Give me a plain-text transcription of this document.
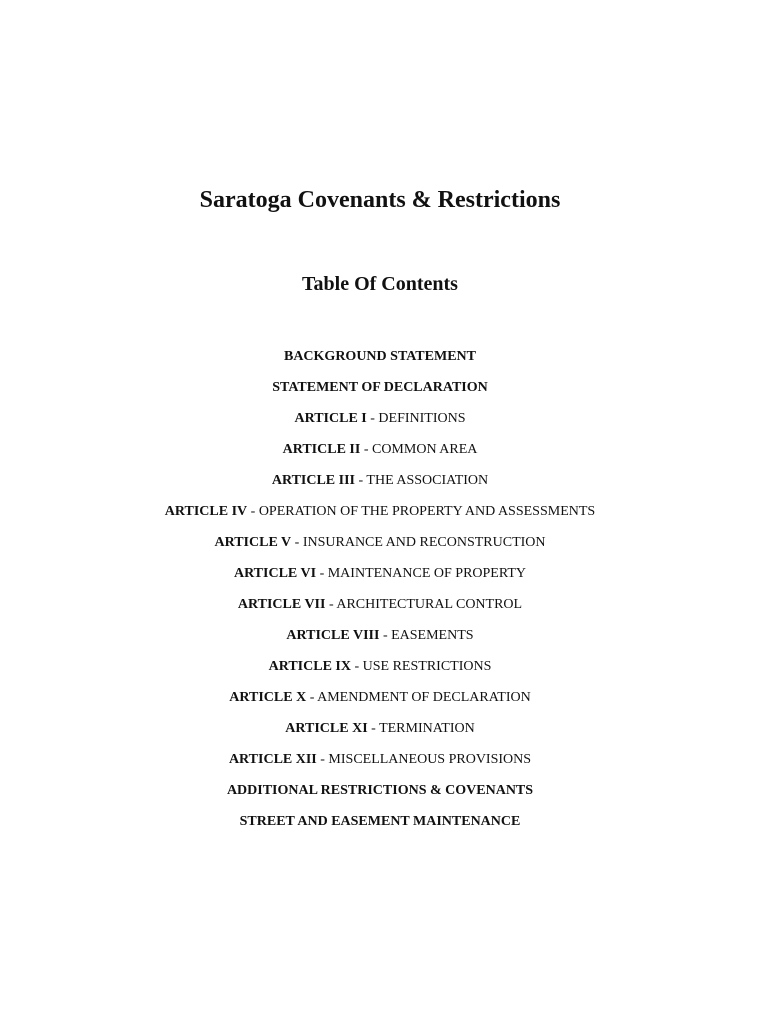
Saratoga Covenants & Restrictions
Table Of Contents
BACKGROUND STATEMENT
STATEMENT OF DECLARATION
ARTICLE I - DEFINITIONS
ARTICLE II - COMMON AREA
ARTICLE III - THE ASSOCIATION
ARTICLE IV - OPERATION OF THE PROPERTY AND ASSESSMENTS
ARTICLE V - INSURANCE AND RECONSTRUCTION
ARTICLE VI - MAINTENANCE OF PROPERTY
ARTICLE VII - ARCHITECTURAL CONTROL
ARTICLE VIII - EASEMENTS
ARTICLE IX - USE RESTRICTIONS
ARTICLE X - AMENDMENT OF DECLARATION
ARTICLE XI - TERMINATION
ARTICLE XII - MISCELLANEOUS PROVISIONS
ADDITIONAL RESTRICTIONS & COVENANTS
STREET AND EASEMENT MAINTENANCE
